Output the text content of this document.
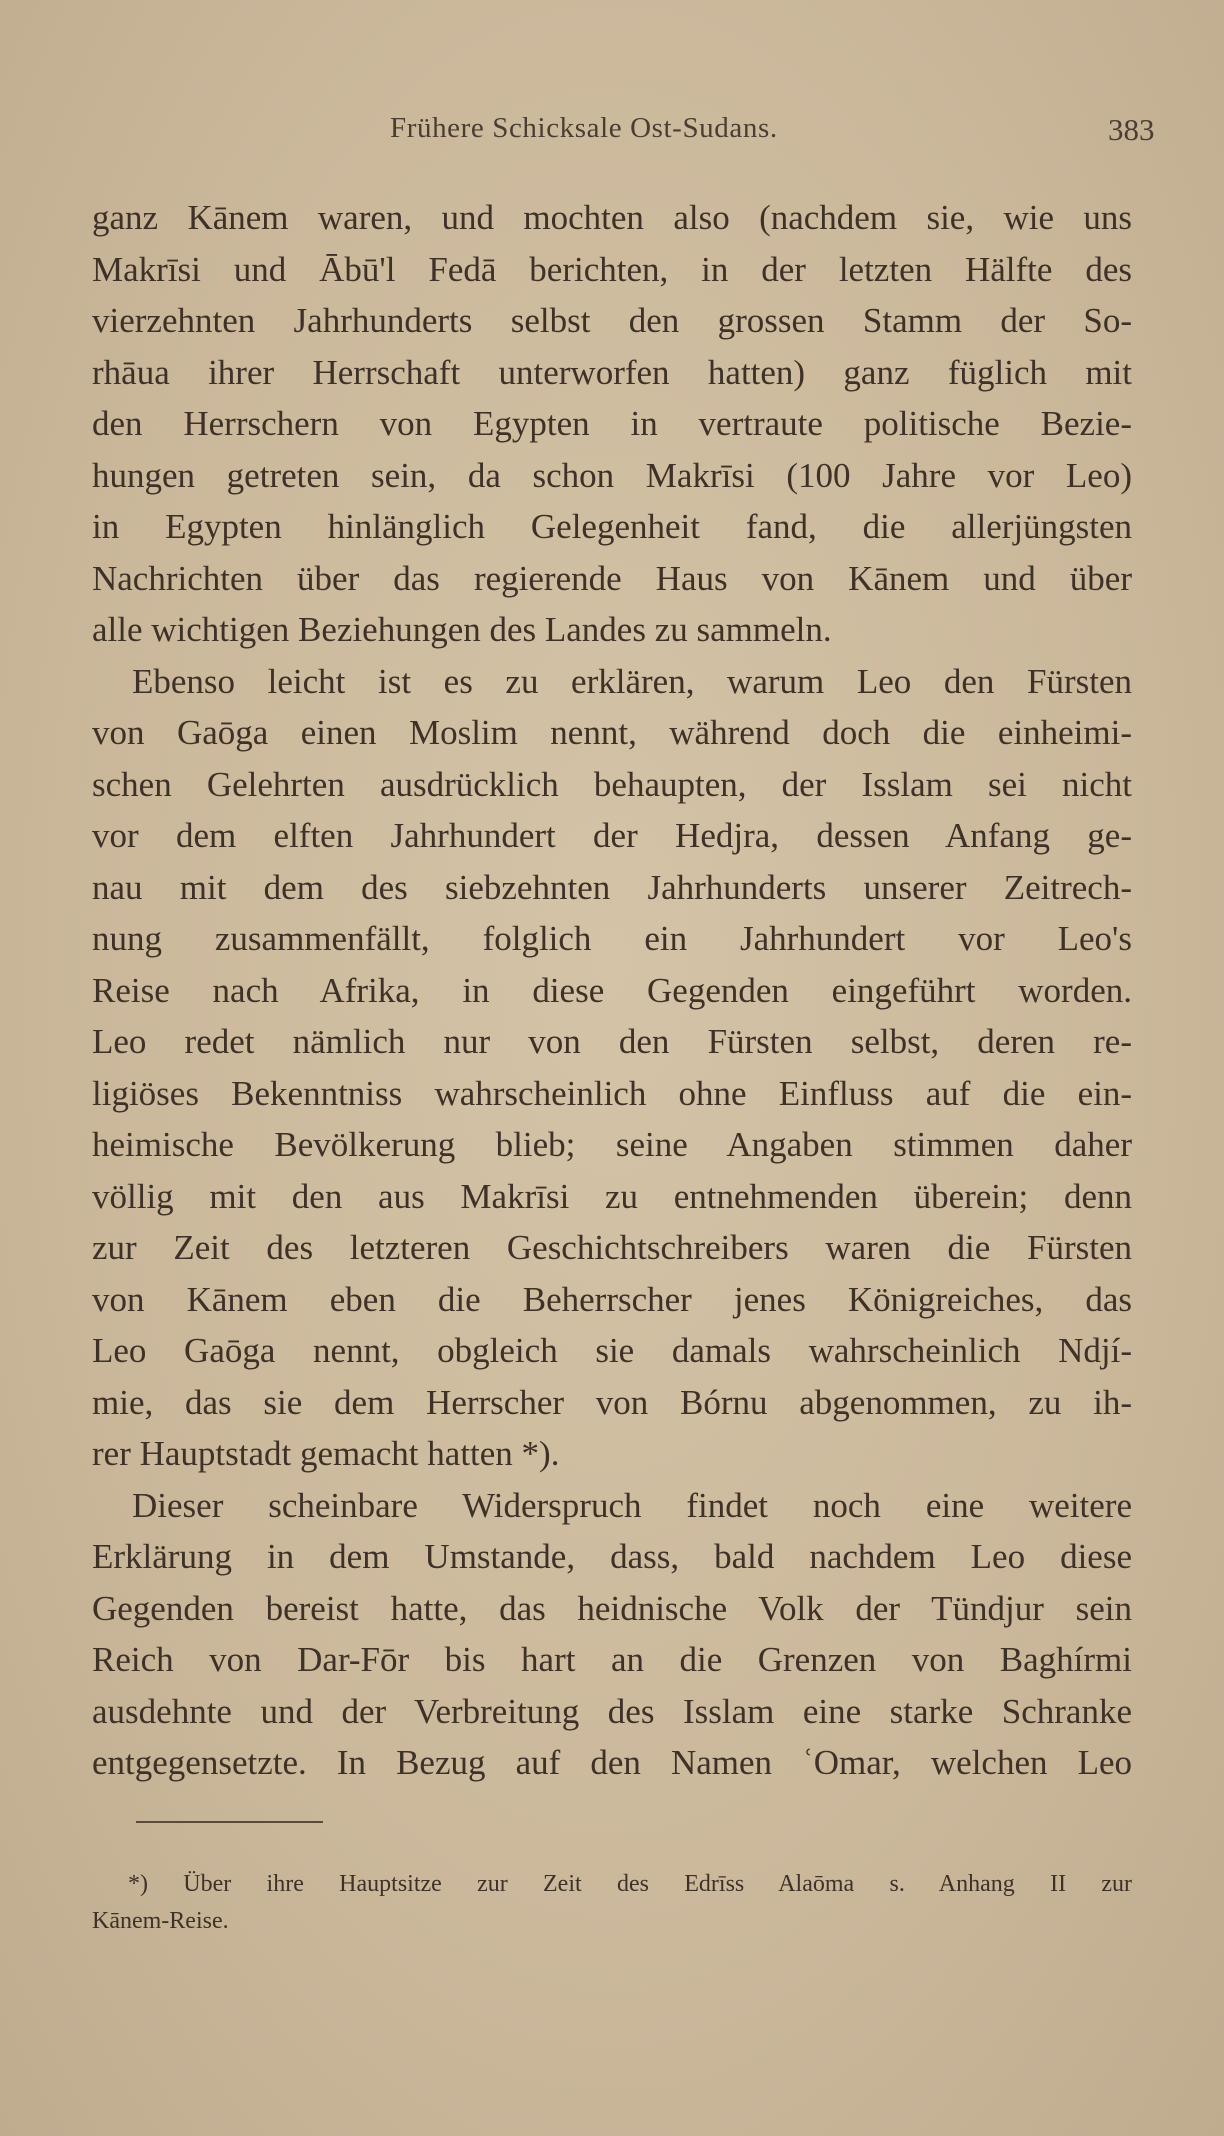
Frühere Schicksale Ost-Sudans.	383
ganz Kānem waren, und mochten also (nachdem sie, wie uns
Makrīsi und Ābū'l Fedā berichten, in der letzten Hälfte des
vierzehnten Jahrhunderts selbst den grossen Stamm der So-
rhāua ihrer Herrschaft unterworfen hatten) ganz füglich mit
den Herrschern von Egypten in vertraute politische Bezie-
hungen getreten sein, da schon Makrīsi (100 Jahre vor Leo)
in Egypten hinlänglich Gelegenheit fand, die allerjüngsten
Nachrichten über das regierende Haus von Kānem und über
alle wichtigen Beziehungen des Landes zu sammeln.
Ebenso leicht ist es zu erklären, warum Leo den Fürsten
von Gaōga einen Moslim nennt, während doch die einheimi-
schen Gelehrten ausdrücklich behaupten, der Isslam sei nicht
vor dem elften Jahrhundert der Hedjra, dessen Anfang ge-
nau mit dem des siebzehnten Jahrhunderts unserer Zeitrech-
nung zusammenfällt, folglich ein Jahrhundert vor Leo's
Reise nach Afrika, in diese Gegenden eingeführt worden.
Leo redet nämlich nur von den Fürsten selbst, deren re-
ligiöses Bekenntniss wahrscheinlich ohne Einfluss auf die ein-
heimische Bevölkerung blieb; seine Angaben stimmen daher
völlig mit den aus Makrīsi zu entnehmenden überein; denn
zur Zeit des letzteren Geschichtschreibers waren die Fürsten
von Kānem eben die Beherrscher jenes Königreiches, das
Leo Gaōga nennt, obgleich sie damals wahrscheinlich Ndjí-
mie, das sie dem Herrscher von Bórnu abgenommen, zu ih-
rer Hauptstadt gemacht hatten *).
Dieser scheinbare Widerspruch findet noch eine weitere
Erklärung in dem Umstande, dass, bald nachdem Leo diese
Gegenden bereist hatte, das heidnische Volk der Tündjur sein
Reich von Dar-Fōr bis hart an die Grenzen von Baghírmi
ausdehnte und der Verbreitung des Isslam eine starke Schranke
entgegensetzte. In Bezug auf den Namen ʿOmar, welchen Leo
*) Über ihre Hauptsitze zur Zeit des Edrīss Alaōma s. Anhang II zur
Kānem-Reise.
